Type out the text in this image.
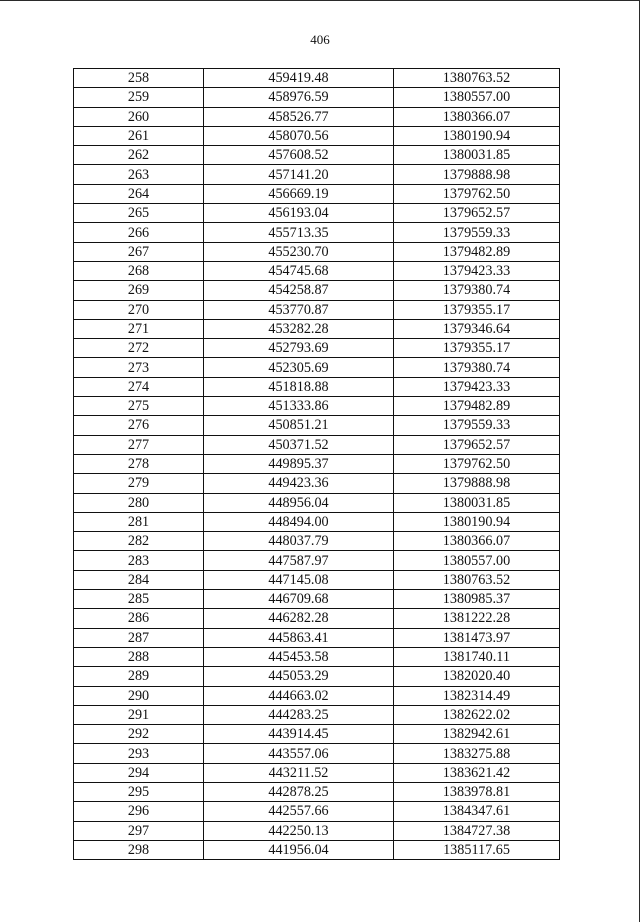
406
258	459419.48	1380763.52
259	458976.59	1380557.00
260	458526.77	1380366.07
261	458070.56	1380190.94
262	457608.52	1380031.85
263	457141.20	1379888.98
264	456669.19	1379762.50
265	456193.04	1379652.57
266	455713.35	1379559.33
267	455230.70	1379482.89
268	454745.68	1379423.33
269	454258.87	1379380.74
270	453770.87	1379355.17
271	453282.28	1379346.64
272	452793.69	1379355.17
273	452305.69	1379380.74
274	451818.88	1379423.33
275	451333.86	1379482.89
276	450851.21	1379559.33
277	450371.52	1379652.57
278	449895.37	1379762.50
279	449423.36	1379888.98
280	448956.04	1380031.85
281	448494.00	1380190.94
282	448037.79	1380366.07
283	447587.97	1380557.00
284	447145.08	1380763.52
285	446709.68	1380985.37
286	446282.28	1381222.28
287	445863.41	1381473.97
288	445453.58	1381740.11
289	445053.29	1382020.40
290	444663.02	1382314.49
291	444283.25	1382622.02
292	443914.45	1382942.61
293	443557.06	1383275.88
294	443211.52	1383621.42
295	442878.25	1383978.81
296	442557.66	1384347.61
297	442250.13	1384727.38
298	441956.04	1385117.65
